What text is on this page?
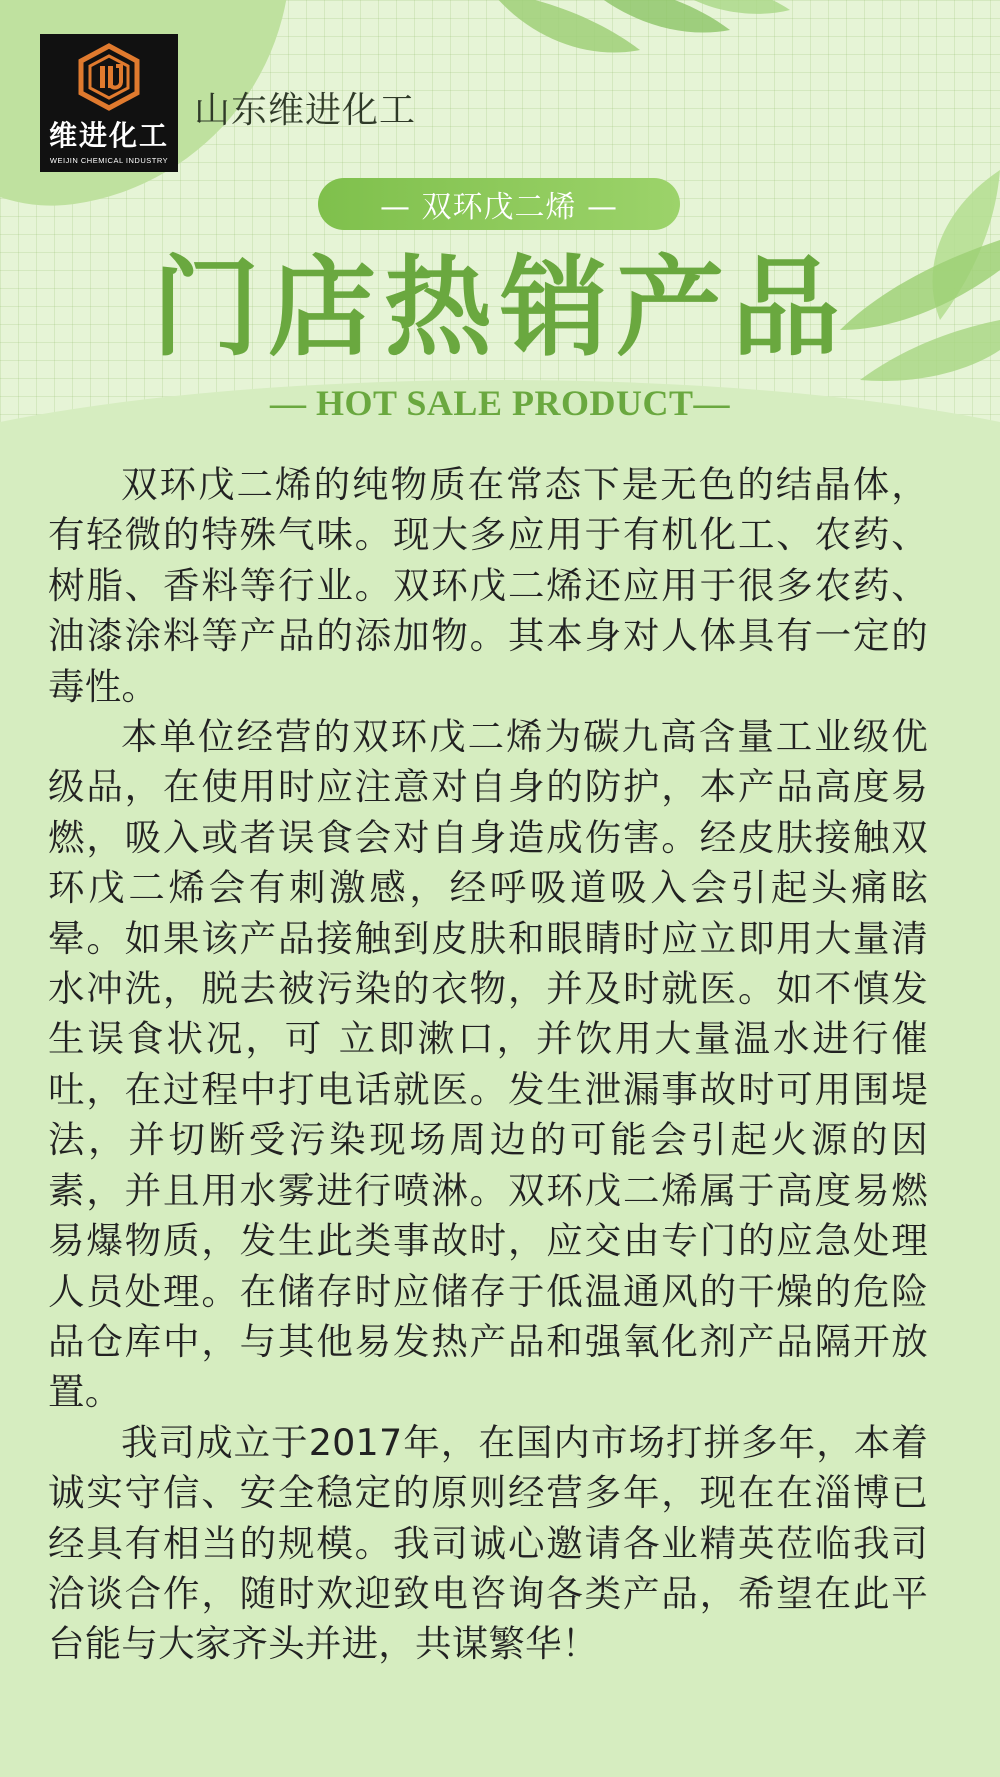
维进化工
WEIJIN CHEMICAL INDUSTRY
山东维进化工
— 双环戊二烯 —
门店热销产品
— HOT SALE PRODUCT—

双环戊二烯的纯物质在常态下是无色的结晶体，有轻微的特殊气味。现大多应用于有机化工、农药、树脂、香料等行业。双环戊二烯还应用于很多农药、油漆涂料等产品的添加物。其本身对人体具有一定的毒性。

本单位经营的双环戊二烯为碳九高含量工业级优级品，在使用时应注意对自身的防护，本产品高度易燃，吸入或者误食会对自身造成伤害。经皮肤接触双环戊二烯会有刺激感，经呼吸道吸入会引起头痛眩晕。如果该产品接触到皮肤和眼睛时应立即用大量清水冲洗，脱去被污染的衣物，并及时就医。如不慎发生误食状况，可 立即漱口，并饮用大量温水进行催吐，在过程中打电话就医。发生泄漏事故时可用围堤法，并切断受污染现场周边的可能会引起火源的因素，并且用水雾进行喷淋。双环戊二烯属于高度易燃易爆物质，发生此类事故时，应交由专门的应急处理人员处理。在储存时应储存于低温通风的干燥的危险品仓库中，与其他易发热产品和强氧化剂产品隔开放置。

我司成立于2017年，在国内市场打拼多年，本着诚实守信、安全稳定的原则经营多年，现在在淄博已经具有相当的规模。我司诚心邀请各业精英莅临我司洽谈合作，随时欢迎致电咨询各类产品，希望在此平台能与大家齐头并进，共谋繁华！
